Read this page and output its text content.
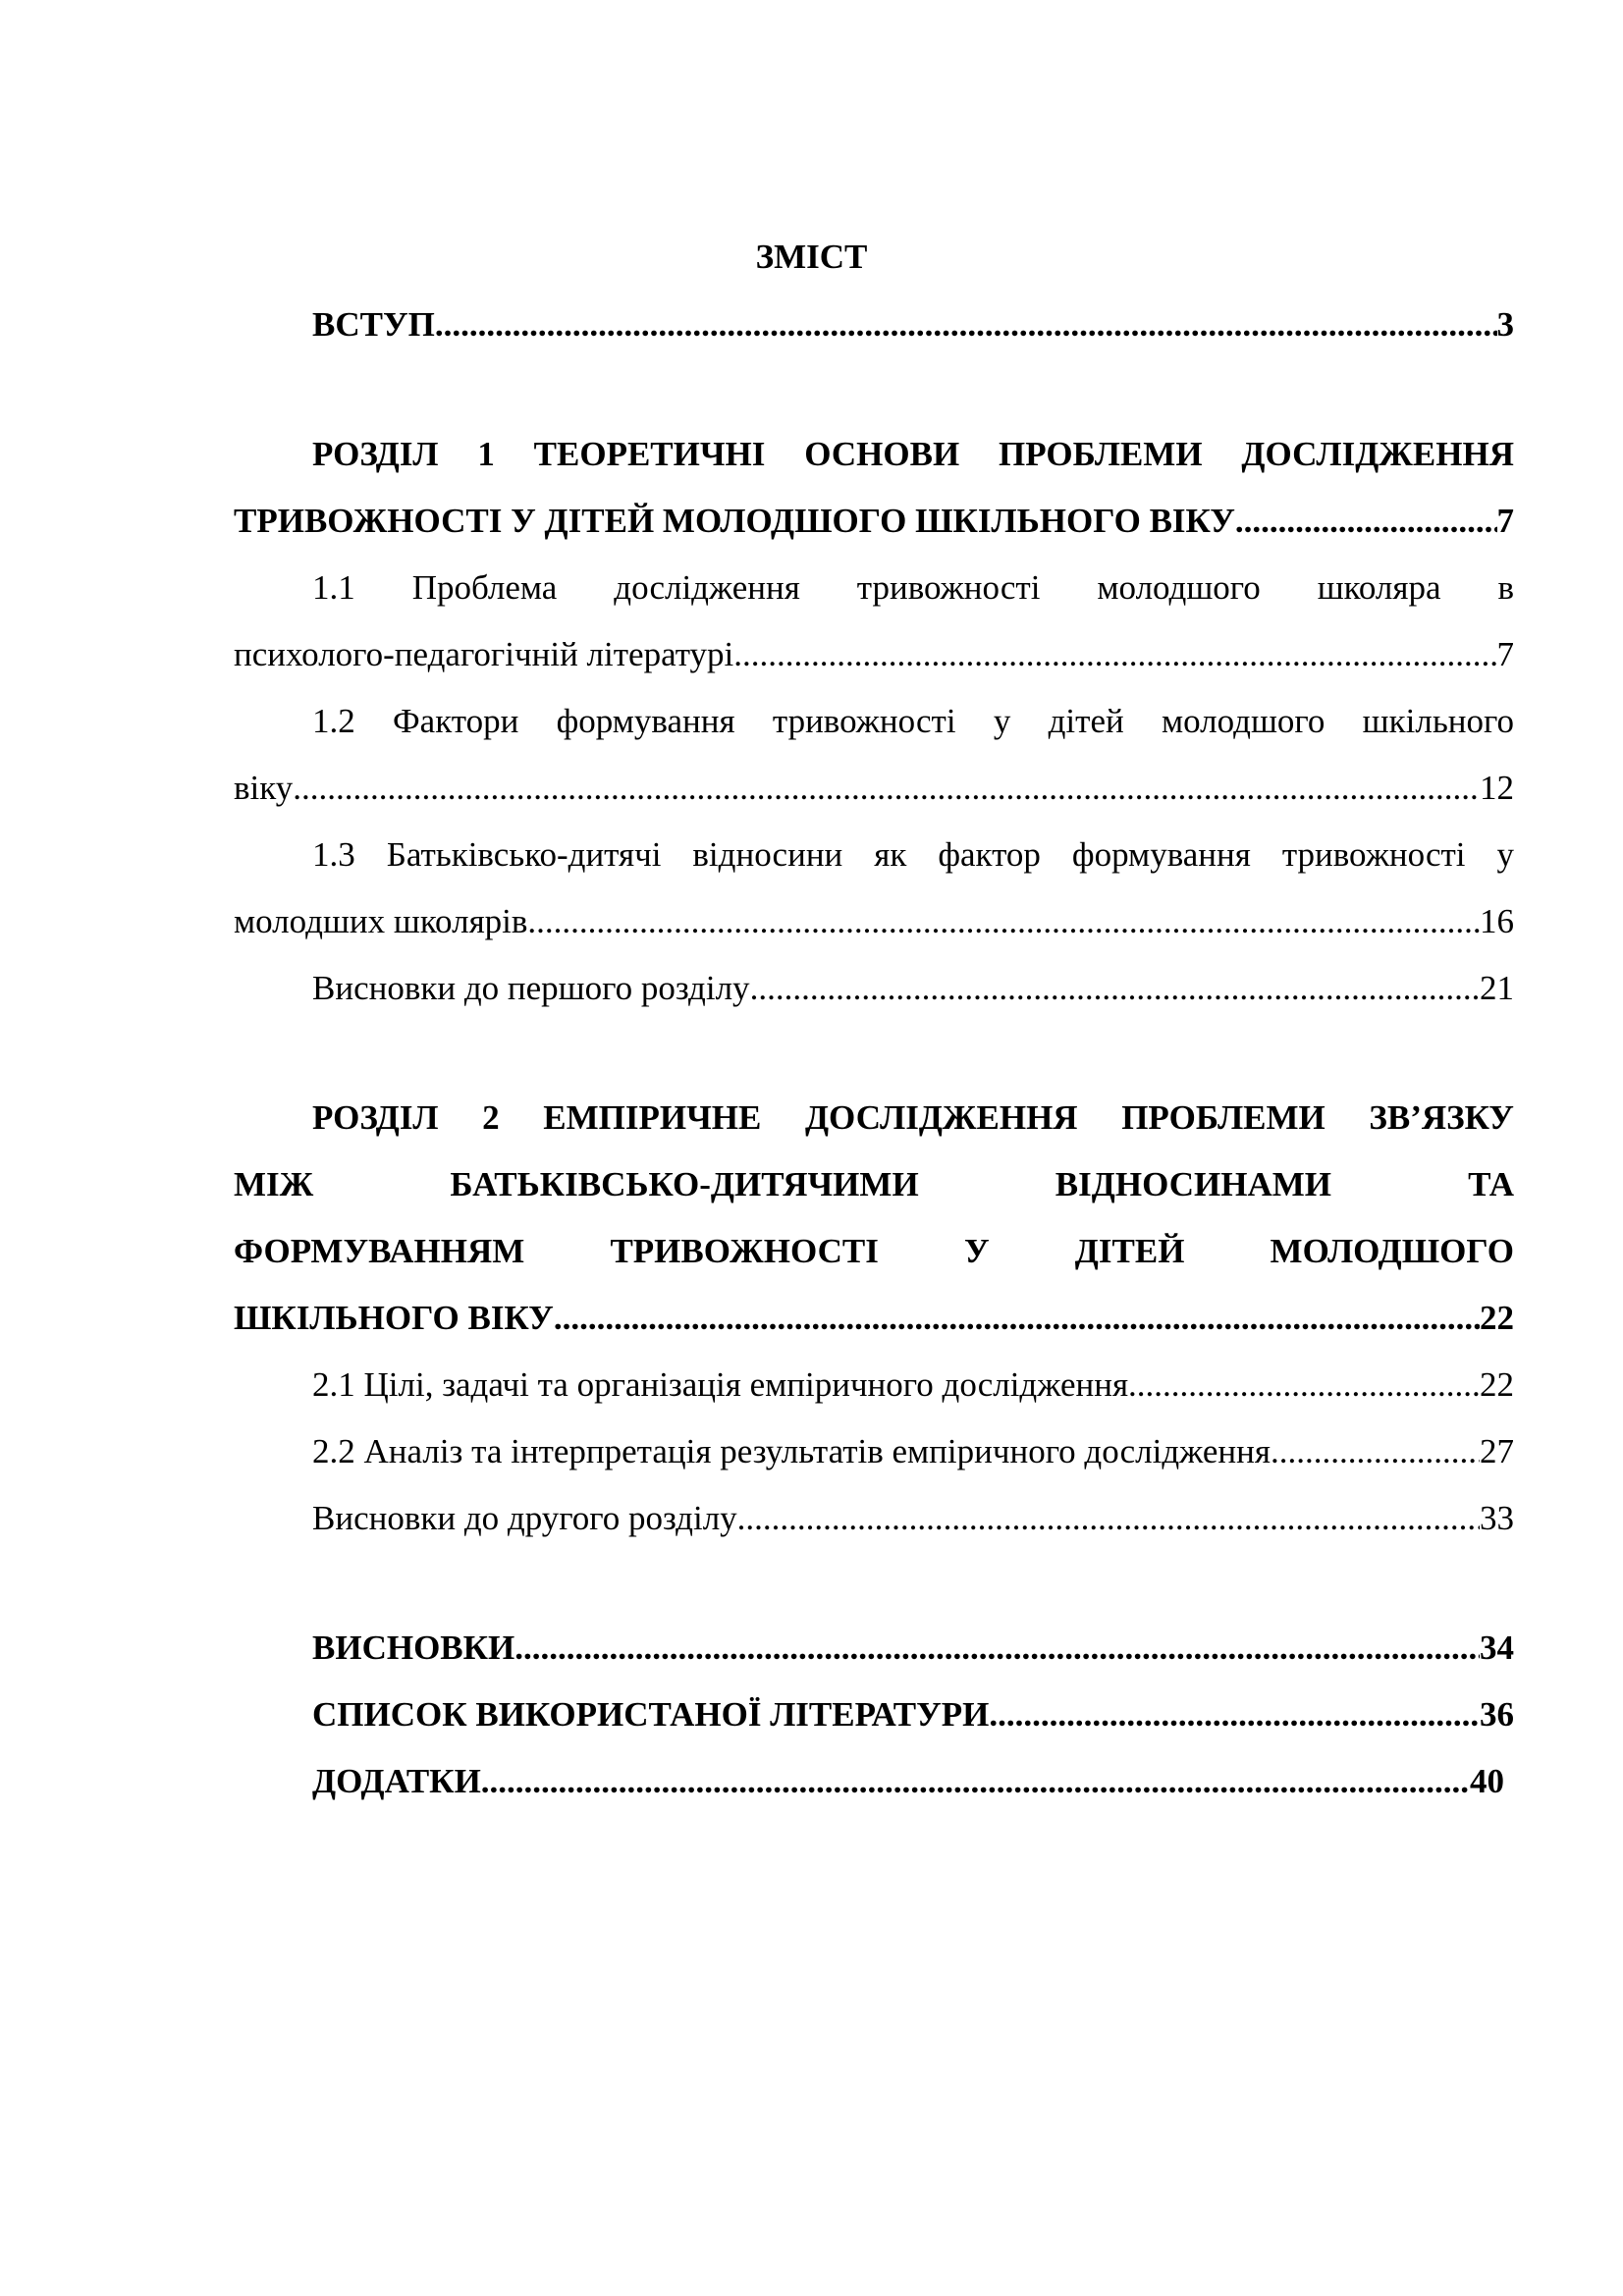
ЗМІСТ
ВСТУП .....	3
РОЗДІЛ 1 ТЕОРЕТИЧНІ ОСНОВИ ПРОБЛЕМИ ДОСЛІДЖЕННЯ
ТРИВОЖНОСТІ У ДІТЕЙ МОЛОДШОГО ШКІЛЬНОГО ВІКУ .....	7
1.1 Проблема дослідження тривожності молодшого школяра в
психолого-педагогічній літературі .....	7
1.2 Фактори формування тривожності у дітей молодшого шкільного
віку .....	12
1.3 Батьківсько-дитячі відносини як фактор формування тривожності у
молодших школярів .....	16
Висновки до першого розділу .....	21
РОЗДІЛ 2 ЕМПІРИЧНЕ ДОСЛІДЖЕННЯ ПРОБЛЕМИ ЗВ’ЯЗКУ
МІЖ БАТЬКІВСЬКО-ДИТЯЧИМИ ВІДНОСИНАМИ ТА
ФОРМУВАННЯМ ТРИВОЖНОСТІ У ДІТЕЙ МОЛОДШОГО
ШКІЛЬНОГО ВІКУ .....	22
2.1 Цілі, задачі та організація емпіричного дослідження .....	22
2.2 Аналіз та інтерпретація результатів емпіричного дослідження .....	27
Висновки до другого розділу .....	33
ВИСНОВКИ .....	34
СПИСОК ВИКОРИСТАНОЇ ЛІТЕРАТУРИ .....	36
ДОДАТКИ .....	40
